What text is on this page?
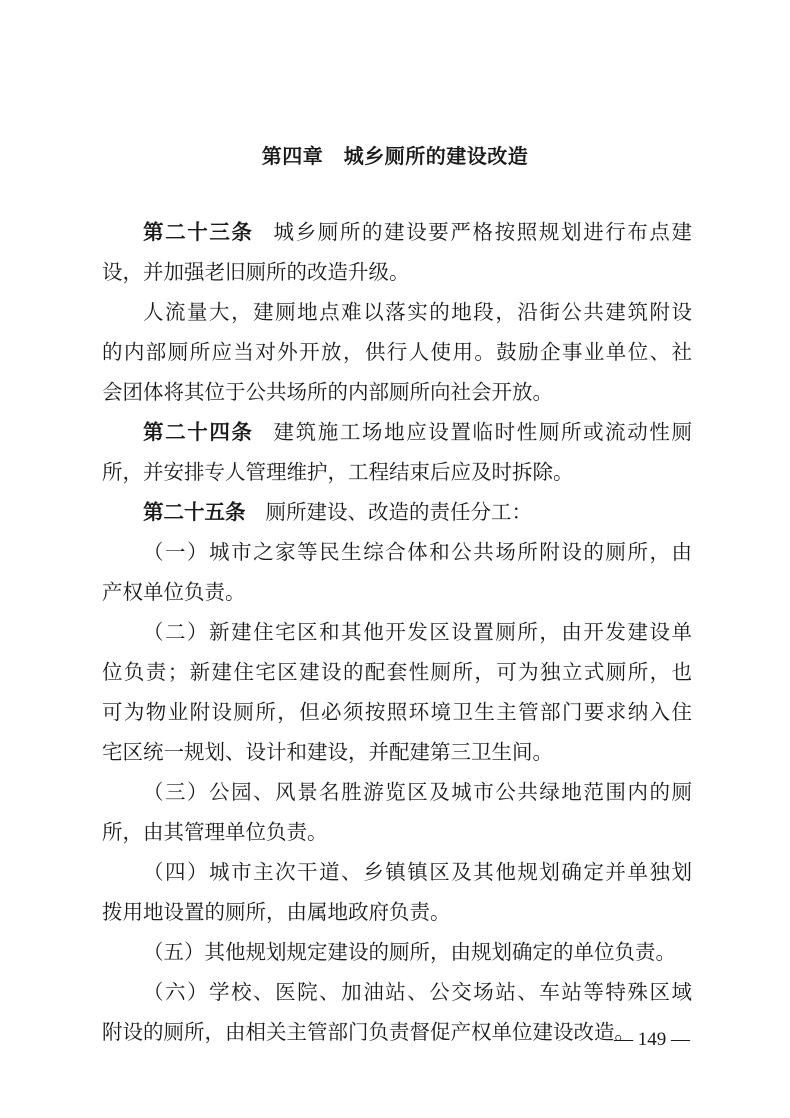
第四章　城乡厕所的建设改造
第二十三条 城乡厕所的建设要严格按照规划进行布点建
设，并加强老旧厕所的改造升级。
人流量大，建厕地点难以落实的地段，沿街公共建筑附设
的内部厕所应当对外开放，供行人使用。鼓励企事业单位、社
会团体将其位于公共场所的内部厕所向社会开放。
第二十四条 建筑施工场地应设置临时性厕所或流动性厕
所，并安排专人管理维护，工程结束后应及时拆除。
第二十五条 厕所建设、改造的责任分工：
（一）城市之家等民生综合体和公共场所附设的厕所，由
产权单位负责。
（二）新建住宅区和其他开发区设置厕所，由开发建设单
位负责；新建住宅区建设的配套性厕所，可为独立式厕所，也
可为物业附设厕所，但必须按照环境卫生主管部门要求纳入住
宅区统一规划、设计和建设，并配建第三卫生间。
（三）公园、风景名胜游览区及城市公共绿地范围内的厕
所，由其管理单位负责。
（四）城市主次干道、乡镇镇区及其他规划确定并单独划
拨用地设置的厕所，由属地政府负责。
（五）其他规划规定建设的厕所，由规划确定的单位负责。
（六）学校、医院、加油站、公交场站、车站等特殊区域
附设的厕所，由相关主管部门负责督促产权单位建设改造。
— 149 —
